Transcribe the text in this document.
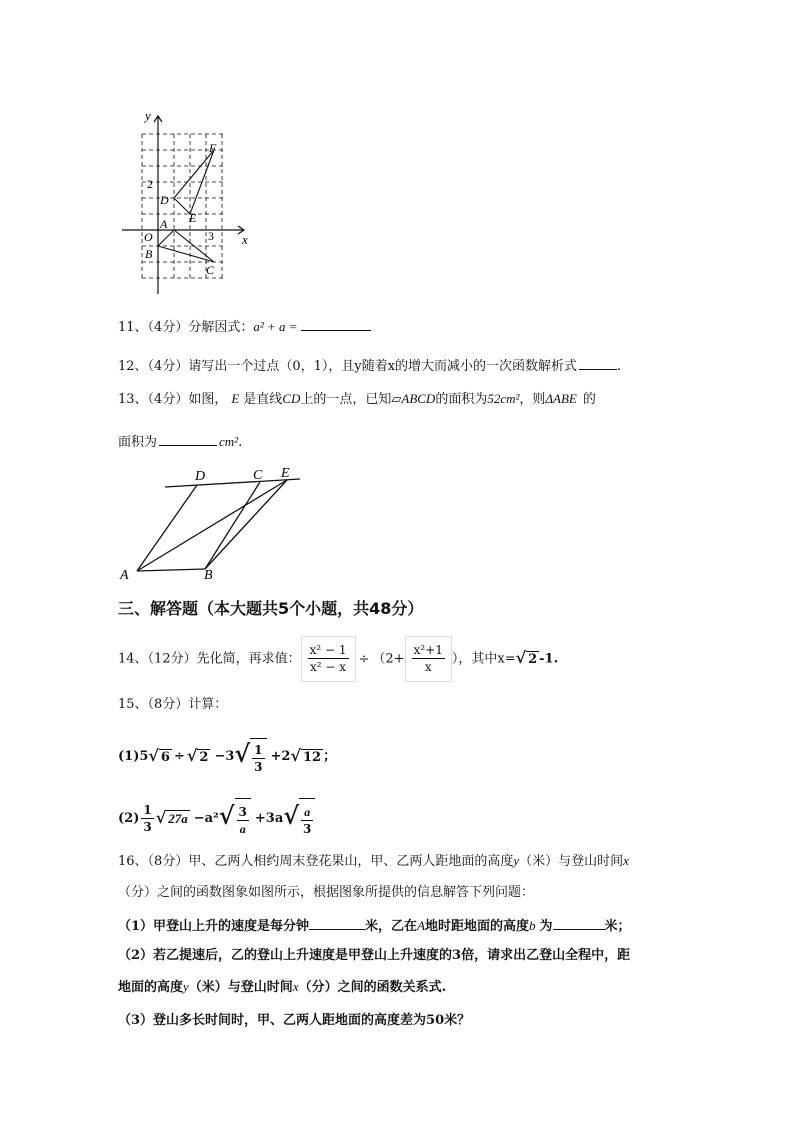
y
x
2
3
O
A
B
C
D
E
F
11、（4分）分解因式：a² + a =
12、（4分）请写出一个过点（0，1），且y随着x的增大而减小的一次函数解析式	.
13、（4分）如图， E 是直线CD上的一点，已知▱ABCD的面积为52cm²，则ΔABE 的
面积为	cm².
D	C E
A	B
三、解答题（本大题共5个小题，共48分）
14、（12分）先化简，再求值： $\frac{\text{x² − 1}}{\text{x² − x}} \div (2+ \frac{\text{x²+1}}{x}$ ），其中x=√ 2 -1.
15、（8分）计算：
(1)5√ 6 ÷ √ $2 -3√ \frac{1}{3} +2√$ 12 ；
$(2) \frac{1}{3}$ √ $27a -a^2√ \frac{3}{a} +3a√ \frac{a}{3}$
16、（8分）甲、乙两人相约周末登花果山，甲、乙两人距地面的高度y（米）与登山时间x
（分）之间的函数图象如图所示，根据图象所提供的信息解答下列问题：
（1）甲登山上升的速度是每分钟	米，乙在A地时距地面的高度b 为	米；
（2）若乙提速后，乙的登山上升速度是甲登山上升速度的3倍，请求出乙登山全程中，距
地面的高度y（米）与登山时间x（分）之间的函数关系式.
（3）登山多长时间时，甲、乙两人距地面的高度差为50米？
